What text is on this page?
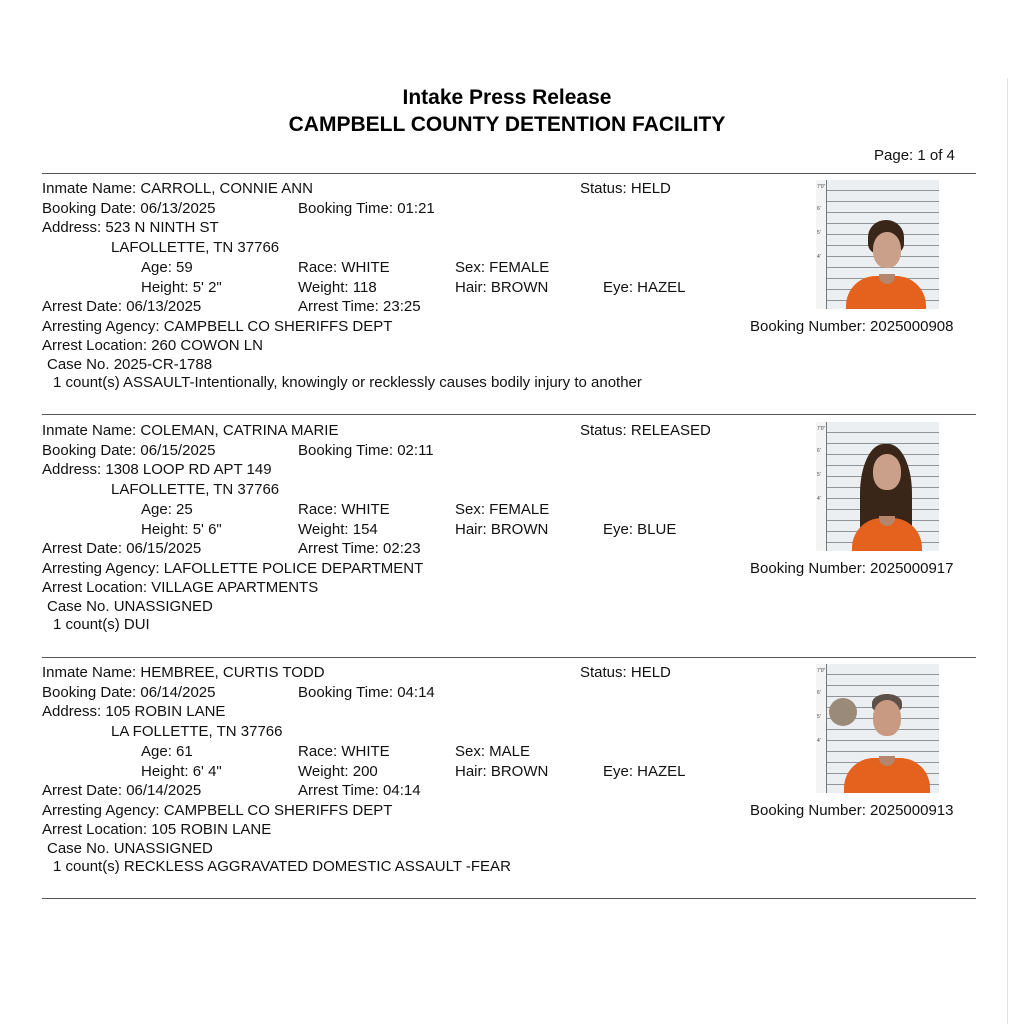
Intake Press Release
CAMPBELL COUNTY DETENTION FACILITY
Page: 1 of 4
Inmate Name: CARROLL, CONNIE ANN	Status: HELD
Booking Date: 06/13/2025	Booking Time: 01:21
Address: 523 N NINTH ST
LAFOLLETTE, TN 37766
Age: 59	Race: WHITE	Sex: FEMALE
Height: 5' 2"	Weight: 118	Hair: BROWN	Eye: HAZEL
Arrest Date: 06/13/2025	Arrest Time: 23:25
Arresting Agency: CAMPBELL CO SHERIFFS DEPT	Booking Number: 2025000908
Arrest Location: 260 COWON LN
Case No. 2025-CR-1788
1 count(s) ASSAULT-Intentionally, knowingly or recklessly causes bodily injury to another
7'0"
6'
5'
4'
Inmate Name: COLEMAN, CATRINA MARIE	Status: RELEASED
Booking Date: 06/15/2025	Booking Time: 02:11
Address: 1308 LOOP RD APT 149
LAFOLLETTE, TN 37766
Age: 25	Race: WHITE	Sex: FEMALE
Height: 5' 6"	Weight: 154	Hair: BROWN	Eye: BLUE
Arrest Date: 06/15/2025	Arrest Time: 02:23
Arresting Agency: LAFOLLETTE POLICE DEPARTMENT	Booking Number: 2025000917
Arrest Location: VILLAGE APARTMENTS
Case No. UNASSIGNED
1 count(s) DUI
7'0"
6'
5'
4'
Inmate Name: HEMBREE, CURTIS TODD	Status: HELD
Booking Date: 06/14/2025	Booking Time: 04:14
Address: 105 ROBIN LANE
LA FOLLETTE, TN 37766
Age: 61	Race: WHITE	Sex: MALE
Height: 6' 4"	Weight: 200	Hair: BROWN	Eye: HAZEL
Arrest Date: 06/14/2025	Arrest Time: 04:14
Arresting Agency: CAMPBELL CO SHERIFFS DEPT	Booking Number: 2025000913
Arrest Location: 105 ROBIN LANE
Case No. UNASSIGNED
1 count(s) RECKLESS AGGRAVATED DOMESTIC ASSAULT -FEAR
7'0"
6'
5'
4'
